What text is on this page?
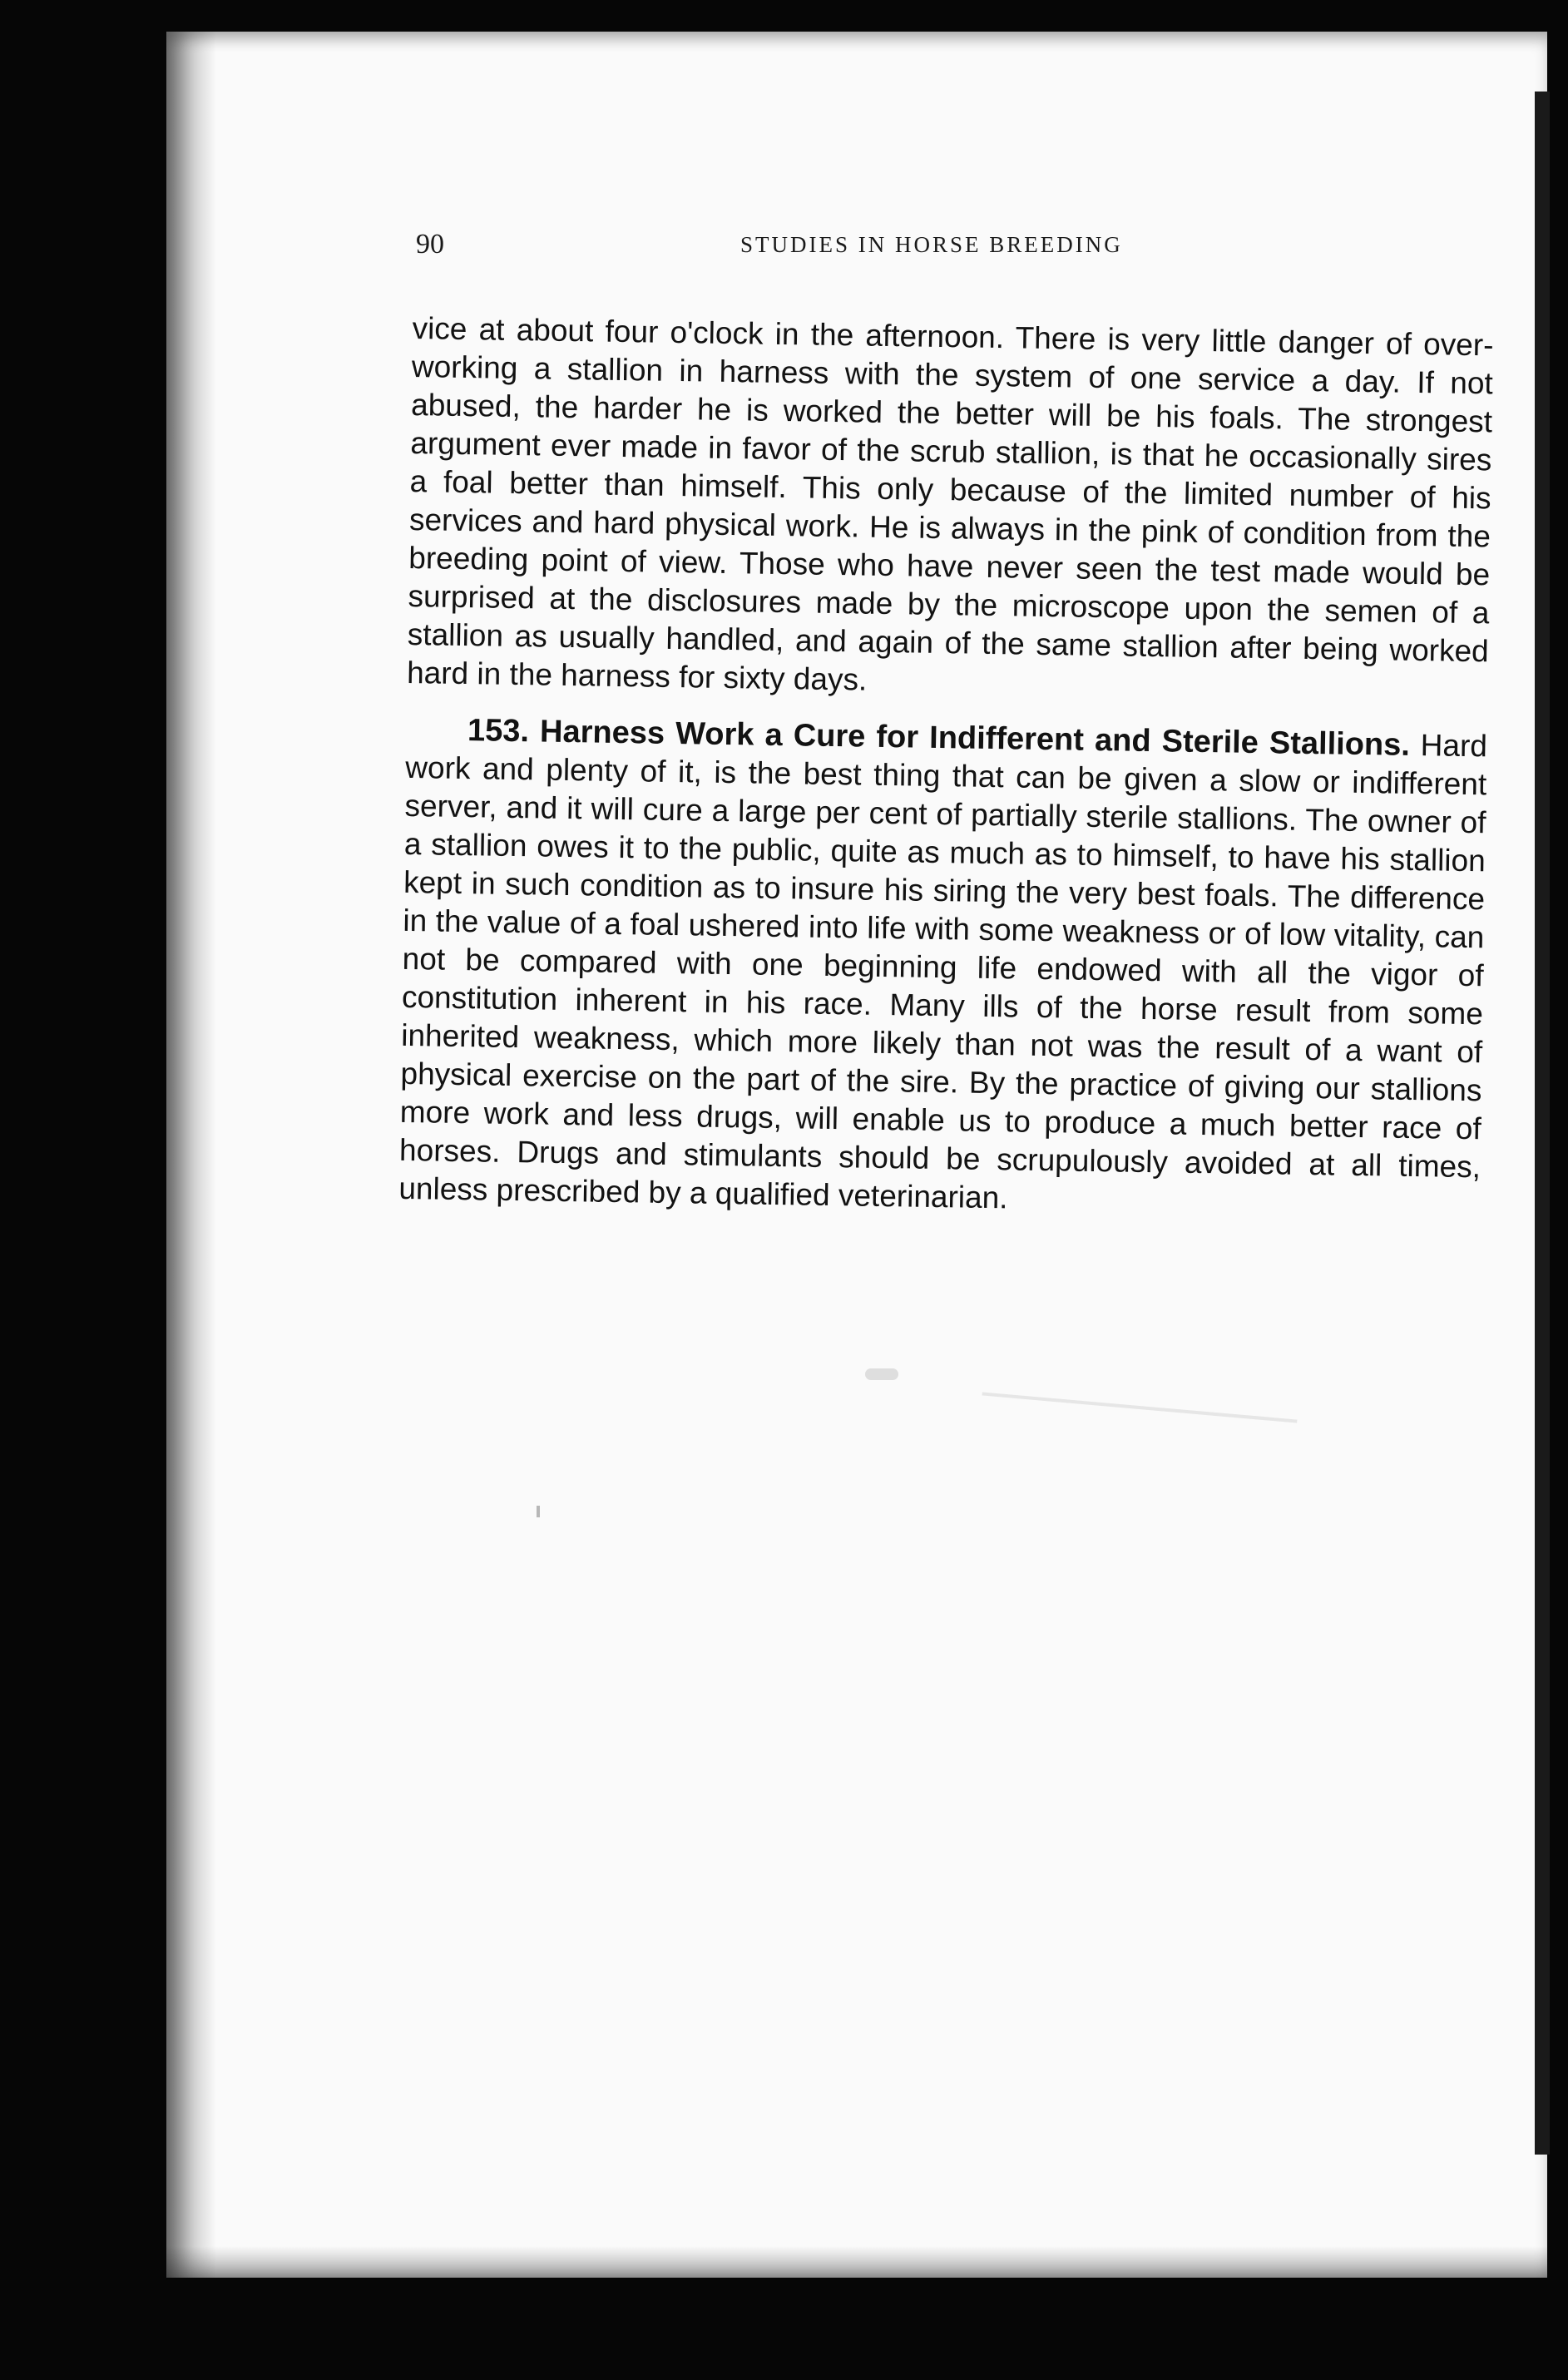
90	STUDIES IN HORSE BREEDING

vice at about four o'clock in the afternoon. There is very little danger of over-working a stallion in harness with the system of one service a day. If not abused, the harder he is worked the better will be his foals. The strongest argument ever made in favor of the scrub stallion, is that he occasionally sires a foal better than himself. This only because of the limited number of his services and hard physical work. He is always in the pink of condition from the breeding point of view. Those who have never seen the test made would be surprised at the disclosures made by the microscope upon the semen of a stallion as usually handled, and again of the same stallion after being worked hard in the harness for sixty days.

153. Harness Work a Cure for Indifferent and Sterile Stallions. Hard work and plenty of it, is the best thing that can be given a slow or indifferent server, and it will cure a large per cent of partially sterile stallions. The owner of a stallion owes it to the public, quite as much as to himself, to have his stallion kept in such condition as to insure his siring the very best foals. The difference in the value of a foal ushered into life with some weakness or of low vitality, can not be compared with one beginning life endowed with all the vigor of constitution inherent in his race. Many ills of the horse result from some inherited weakness, which more likely than not was the result of a want of physical exercise on the part of the sire. By the practice of giving our stallions more work and less drugs, will enable us to produce a much better race of horses. Drugs and stimulants should be scrupulously avoided at all times, unless prescribed by a qualified veterinarian.
